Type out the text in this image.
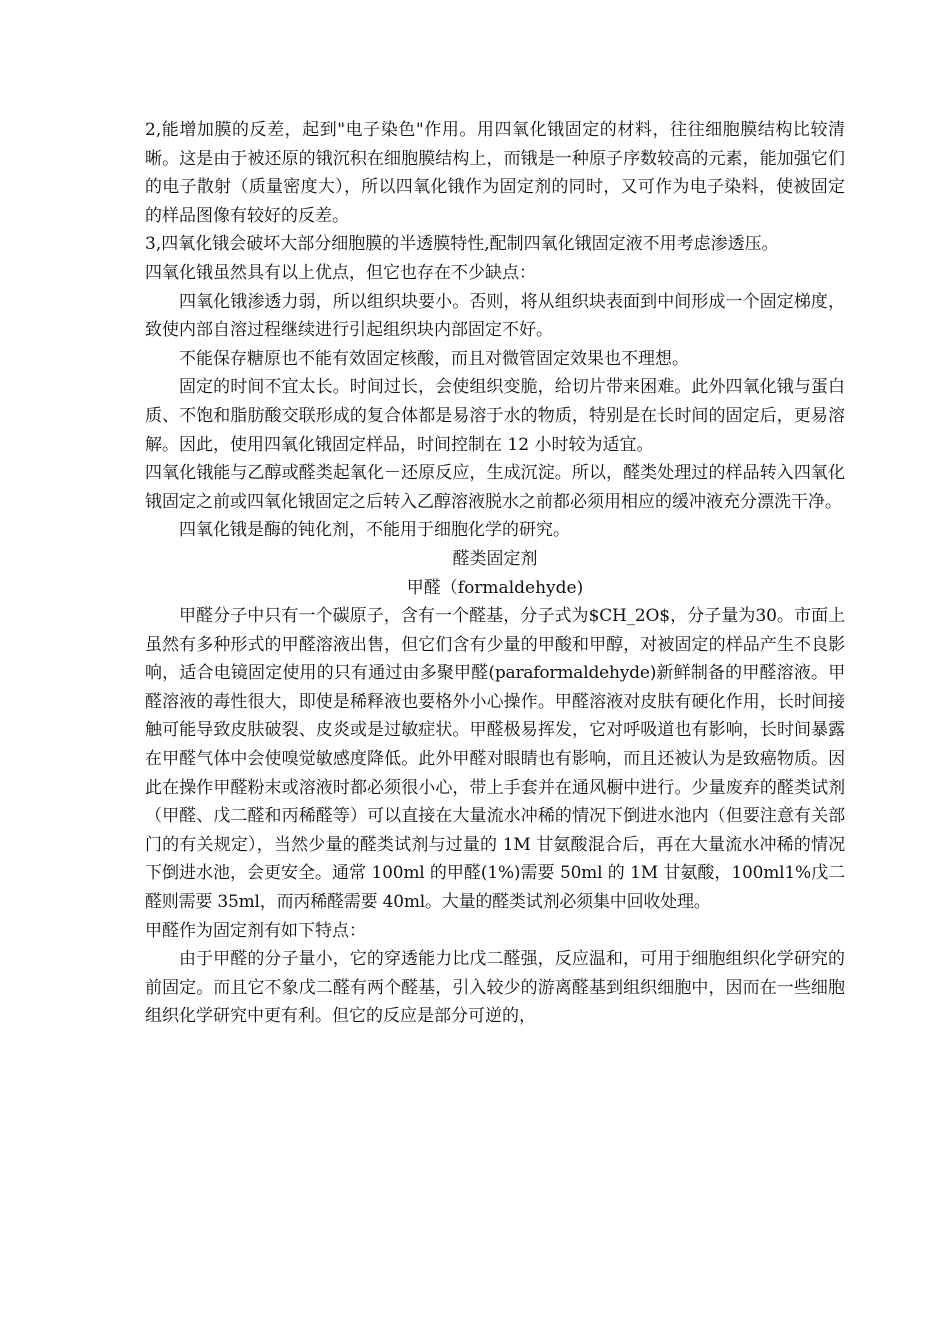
2,能增加膜的反差，起到"电子染色"作用。用四氧化锇固定的材料，往往细胞膜结构比较清晰。这是由于被还原的锇沉积在细胞膜结构上，而锇是一种原子序数较高的元素，能加强它们的电子散射（质量密度大），所以四氧化锇作为固定剂的同时，又可作为电子染料，使被固定的样品图像有较好的反差。

3,四氧化锇会破坏大部分细胞膜的半透膜特性,配制四氧化锇固定液不用考虑渗透压。

四氧化锇虽然具有以上优点，但它也存在不少缺点：

四氧化锇渗透力弱，所以组织块要小。否则，将从组织块表面到中间形成一个固定梯度，致使内部自溶过程继续进行引起组织块内部固定不好。

不能保存糖原也不能有效固定核酸，而且对微管固定效果也不理想。

固定的时间不宜太长。时间过长，会使组织变脆，给切片带来困难。此外四氧化锇与蛋白质、不饱和脂肪酸交联形成的复合体都是易溶于水的物质，特别是在长时间的固定后，更易溶解。因此，使用四氧化锇固定样品，时间控制在 12 小时较为适宜。

四氧化锇能与乙醇或醛类起氧化－还原反应，生成沉淀。所以，醛类处理过的样品转入四氧化锇固定之前或四氧化锇固定之后转入乙醇溶液脱水之前都必须用相应的缓冲液充分漂洗干净。

四氧化锇是酶的钝化剂，不能用于细胞化学的研究。

醛类固定剂

甲醛（formaldehyde)

甲醛分子中只有一个碳原子，含有一个醛基，分子式为$CH_2O$，分子量为30。市面上虽然有多种形式的甲醛溶液出售，但它们含有少量的甲酸和甲醇，对被固定的样品产生不良影响，适合电镜固定使用的只有通过由多聚甲醛(paraformaldehyde)新鲜制备的甲醛溶液。甲醛溶液的毒性很大，即使是稀释液也要格外小心操作。甲醛溶液对皮肤有硬化作用，长时间接触可能导致皮肤破裂、皮炎或是过敏症状。甲醛极易挥发，它对呼吸道也有影响，长时间暴露在甲醛气体中会使嗅觉敏感度降低。此外甲醛对眼睛也有影响，而且还被认为是致癌物质。因此在操作甲醛粉末或溶液时都必须很小心，带上手套并在通风橱中进行。少量废弃的醛类试剂（甲醛、戊二醛和丙稀醛等）可以直接在大量流水冲稀的情况下倒进水池内（但要注意有关部门的有关规定），当然少量的醛类试剂与过量的 1M 甘氨酸混合后，再在大量流水冲稀的情况下倒进水池，会更安全。通常 100ml 的甲醛(1%)需要 50ml 的 1M 甘氨酸，100ml1%戊二醛则需要 35ml，而丙稀醛需要 40ml。大量的醛类试剂必须集中回收处理。

甲醛作为固定剂有如下特点：

由于甲醛的分子量小，它的穿透能力比戊二醛强，反应温和，可用于细胞组织化学研究的前固定。而且它不象戊二醛有两个醛基，引入较少的游离醛基到组织细胞中，因而在一些细胞组织化学研究中更有利。但它的反应是部分可逆的，
